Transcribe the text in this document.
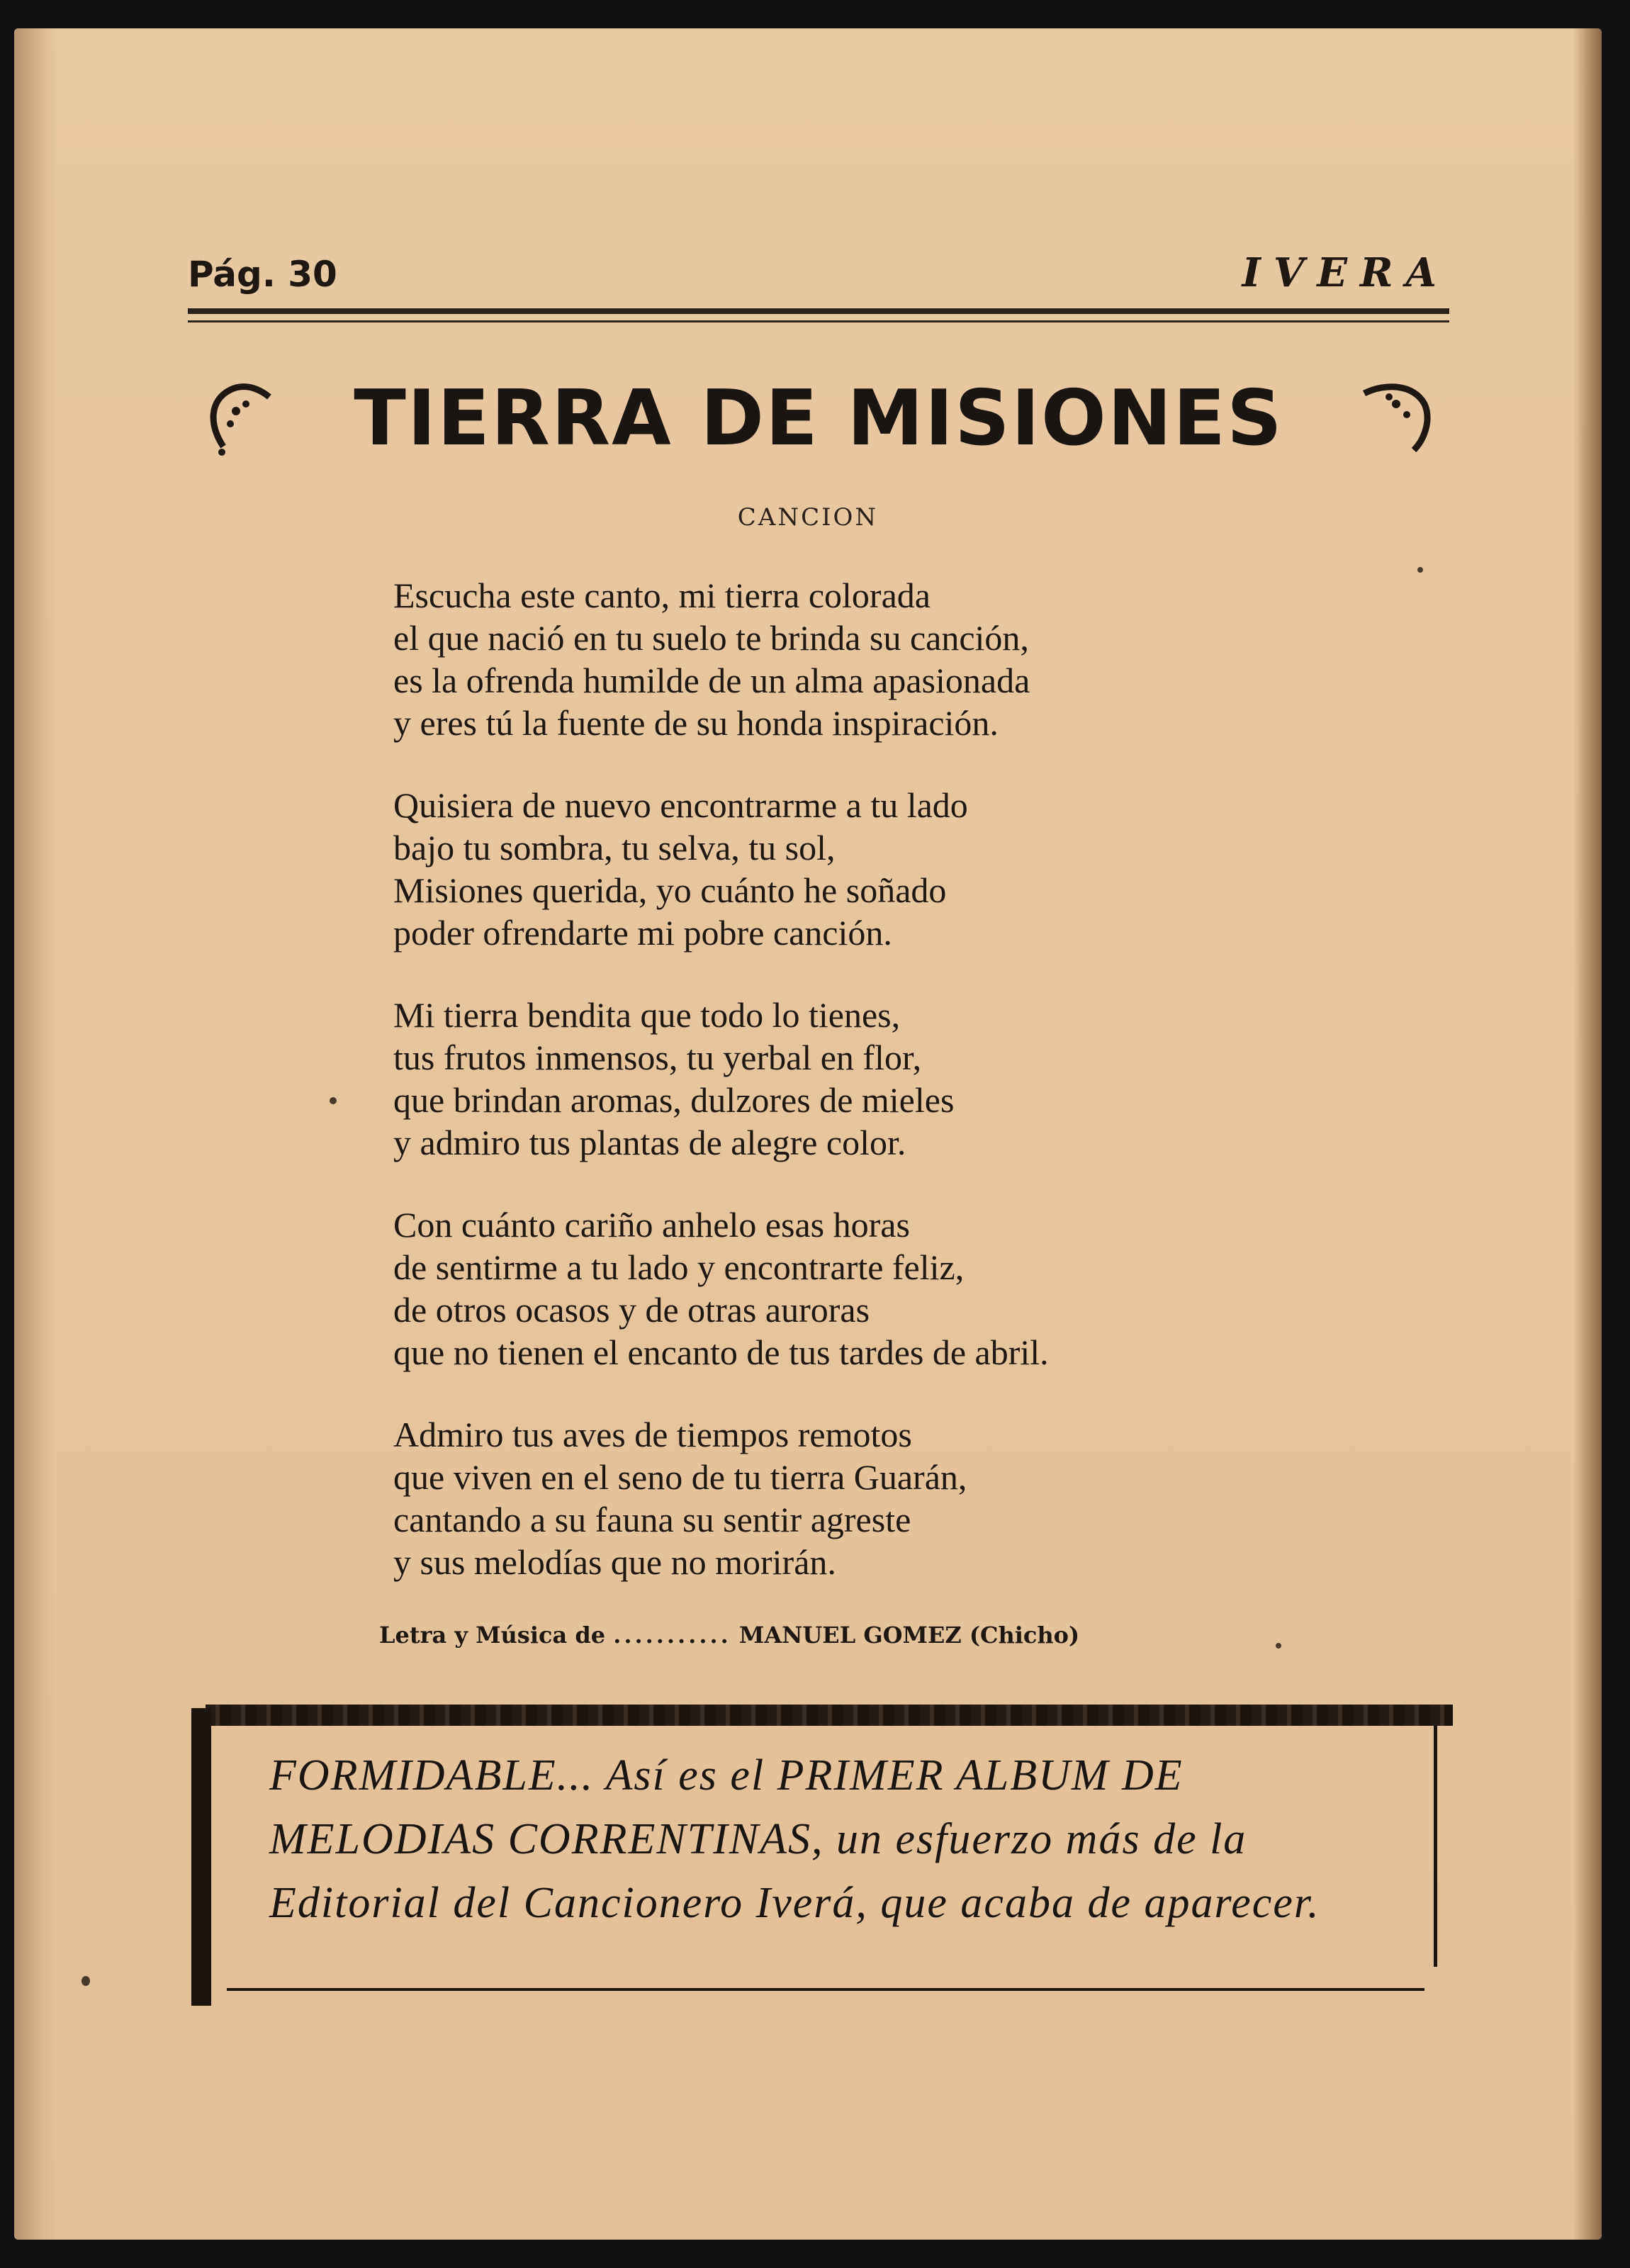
Pág. 30	IVERA
TIERRA DE MISIONES
CANCION
Escucha este canto, mi tierra colorada
el que nació en tu suelo te brinda su canción,
es la ofrenda humilde de un alma apasionada
y eres tú la fuente de su honda inspiración.
Quisiera de nuevo encontrarme a tu lado
bajo tu sombra, tu selva, tu sol,
Misiones querida, yo cuánto he soñado
poder ofrendarte mi pobre canción.
Mi tierra bendita que todo lo tienes,
tus frutos inmensos, tu yerbal en flor,
que brindan aromas, dulzores de mieles
y admiro tus plantas de alegre color.
Con cuánto cariño anhelo esas horas
de sentirme a tu lado y encontrarte feliz,
de otros ocasos y de otras auroras
que no tienen el encanto de tus tardes de abril.
Admiro tus aves de tiempos remotos
que viven en el seno de tu tierra Guarán,
cantando a su fauna su sentir agreste
y sus melodías que no morirán.
Letra y Música de ........... MANUEL GOMEZ (Chicho)
FORMIDABLE... Así es el PRIMER ALBUM DE MELODIAS CORRENTINAS, un esfuerzo más de la Editorial del Cancionero Iverá, que acaba de aparecer.
